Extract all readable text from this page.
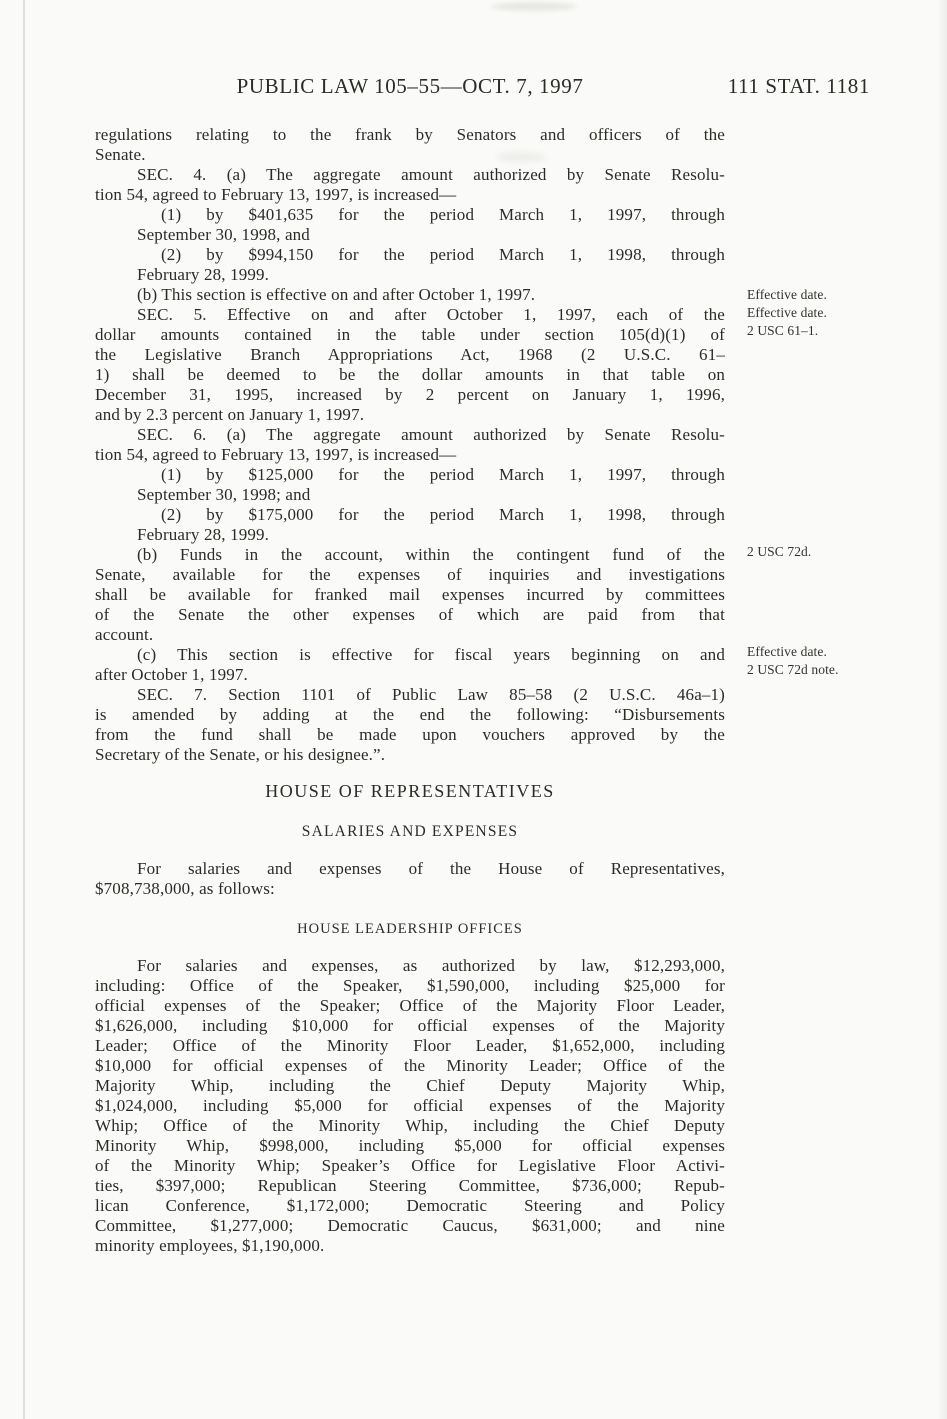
PUBLIC LAW 105–55—OCT. 7, 1997	111 STAT. 1181
regulations relating to the frank by Senators and officers of the
Senate.
SEC. 4. (a) The aggregate amount authorized by Senate Resolu-
tion 54, agreed to February 13, 1997, is increased—
(1) by $401,635 for the period March 1, 1997, through
September 30, 1998, and
(2) by $994,150 for the period March 1, 1998, through
February 28, 1999.
(b) This section is effective on and after October 1, 1997.
SEC. 5. Effective on and after October 1, 1997, each of the
dollar amounts contained in the table under section 105(d)(1) of
the Legislative Branch Appropriations Act, 1968 (2 U.S.C. 61–
1) shall be deemed to be the dollar amounts in that table on
December 31, 1995, increased by 2 percent on January 1, 1996,
and by 2.3 percent on January 1, 1997.
SEC. 6. (a) The aggregate amount authorized by Senate Resolu-
tion 54, agreed to February 13, 1997, is increased—
(1) by $125,000 for the period March 1, 1997, through
September 30, 1998; and
(2) by $175,000 for the period March 1, 1998, through
February 28, 1999.
(b) Funds in the account, within the contingent fund of the
Senate, available for the expenses of inquiries and investigations
shall be available for franked mail expenses incurred by committees
of the Senate the other expenses of which are paid from that
account.
(c) This section is effective for fiscal years beginning on and
after October 1, 1997.
SEC. 7. Section 1101 of Public Law 85–58 (2 U.S.C. 46a–1)
is amended by adding at the end the following: “Disbursements
from the fund shall be made upon vouchers approved by the
Secretary of the Senate, or his designee.”.
HOUSE OF REPRESENTATIVES
SALARIES AND EXPENSES
For salaries and expenses of the House of Representatives,
$708,738,000, as follows:
HOUSE LEADERSHIP OFFICES
For salaries and expenses, as authorized by law, $12,293,000,
including: Office of the Speaker, $1,590,000, including $25,000 for
official expenses of the Speaker; Office of the Majority Floor Leader,
$1,626,000, including $10,000 for official expenses of the Majority
Leader; Office of the Minority Floor Leader, $1,652,000, including
$10,000 for official expenses of the Minority Leader; Office of the
Majority Whip, including the Chief Deputy Majority Whip,
$1,024,000, including $5,000 for official expenses of the Majority
Whip; Office of the Minority Whip, including the Chief Deputy
Minority Whip, $998,000, including $5,000 for official expenses
of the Minority Whip; Speaker’s Office for Legislative Floor Activi-
ties, $397,000; Republican Steering Committee, $736,000; Repub-
lican Conference, $1,172,000; Democratic Steering and Policy
Committee, $1,277,000; Democratic Caucus, $631,000; and nine
minority employees, $1,190,000.
Effective date.
Effective date.
2 USC 61–1.
2 USC 72d.
Effective date.
2 USC 72d note.
